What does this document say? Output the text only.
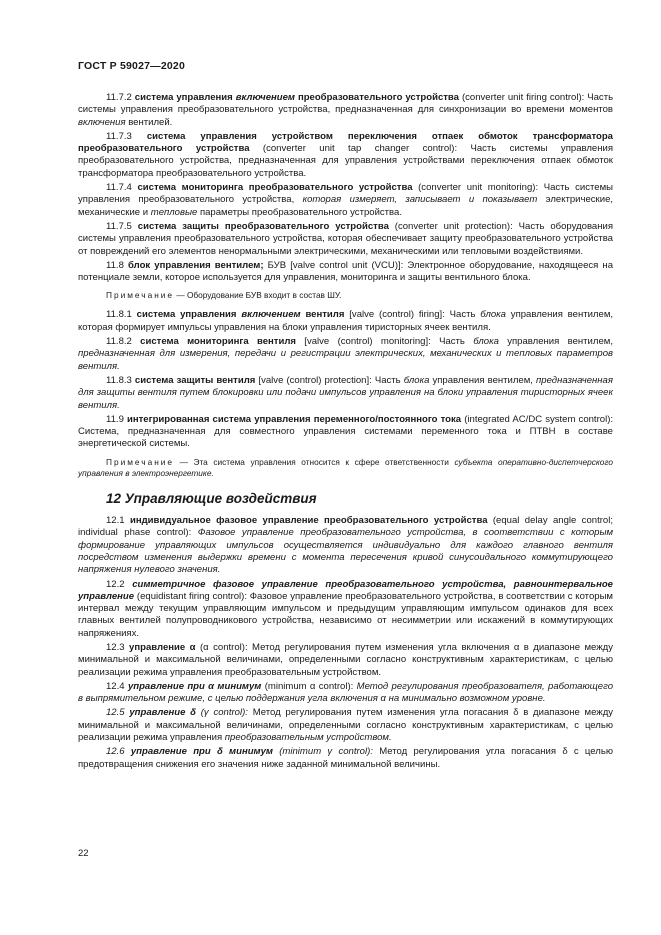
ГОСТ Р 59027—2020

11.7.2 система управления включением преобразовательного устройства (converter unit firing control): Часть системы управления преобразовательного устройства, предназначенная для синхронизации во времени моментов включения вентилей.

11.7.3 система управления устройством переключения отпаек обмоток трансформатора преобразовательного устройства (converter unit tap changer control): Часть системы управления преобразовательного устройства, предназначенная для управления устройствами переключения отпаек обмоток трансформатора преобразовательного устройства.

11.7.4 система мониторинга преобразовательного устройства (converter unit monitoring): Часть системы управления преобразовательного устройства, которая измеряет, записывает и показывает электрические, механические и тепловые параметры преобразовательного устройства.

11.7.5 система защиты преобразовательного устройства (converter unit protection): Часть оборудования системы управления преобразовательного устройства, которая обеспечивает защиту преобразовательного устройства от повреждений его элементов ненормальными электрическими, механическими или тепловыми воздействиями.

11.8 блок управления вентилем; БУВ [valve control unit (VCU)]: Электронное оборудование, находящееся на потенциале земли, которое используется для управления, мониторинга и защиты вентильного блока.

Примечание — Оборудование БУВ входит в состав ШУ.

11.8.1 система управления включением вентиля [valve (control) firing]: Часть блока управления вентилем, которая формирует импульсы управления на блоки управления тиристорных ячеек вентиля.

11.8.2 система мониторинга вентиля [valve (control) monitoring]: Часть блока управления вентилем, предназначенная для измерения, передачи и регистрации электрических, механических и тепловых параметров вентиля.

11.8.3 система защиты вентиля [valve (control) protection]: Часть блока управления вентилем, предназначенная для защиты вентиля путем блокировки или подачи импульсов управления на блоки управления тиристорных ячеек вентиля.

11.9 интегрированная система управления переменного/постоянного тока (integrated AC/DC system control): Система, предназначенная для совместного управления системами переменного тока и ПТВН в составе энергетической системы.

Примечание — Эта система управления относится к сфере ответственности субъекта оперативно-диспетчерского управления в электроэнергетике.

12 Управляющие воздействия

12.1 индивидуальное фазовое управление преобразовательного устройства (equal delay angle control; individual phase control): Фазовое управление преобразовательного устройства, в соответствии с которым формирование управляющих импульсов осуществляется индивидуально для каждого главного вентиля посредством изменения выдержки времени с момента пересечения кривой синусоидального коммутирующего напряжения нулевого значения.

12.2 симметричное фазовое управление преобразовательного устройства, равноинтервальное управление (equidistant firing control): Фазовое управление преобразовательного устройства, в соответствии с которым интервал между текущим управляющим импульсом и предыдущим управляющим импульсом одинаков для всех главных вентилей полупроводникового устройства, независимо от несимметрии или искажений в коммутирующих напряжениях.

12.3 управление α (α control): Метод регулирования путем изменения угла включения α в диапазоне между минимальной и максимальной величинами, определенными согласно конструктивным характеристикам, с целью реализации режима управления преобразовательным устройством.

12.4 управление при α минимум (minimum α control): Метод регулирования преобразователя, работающего в выпрямительном режиме, с целью поддержания угла включения α на минимально возможном уровне.

12.5 управление δ (γ control): Метод регулирования путем изменения угла погасания δ в диапазоне между минимальной и максимальной величинами, определенными согласно конструктивным характеристикам, с целью реализации режима управления преобразовательным устройством.

12.6 управление при δ минимум (minimum γ control): Метод регулирования угла погасания δ с целью предотвращения снижения его значения ниже заданной минимальной величины.

22
